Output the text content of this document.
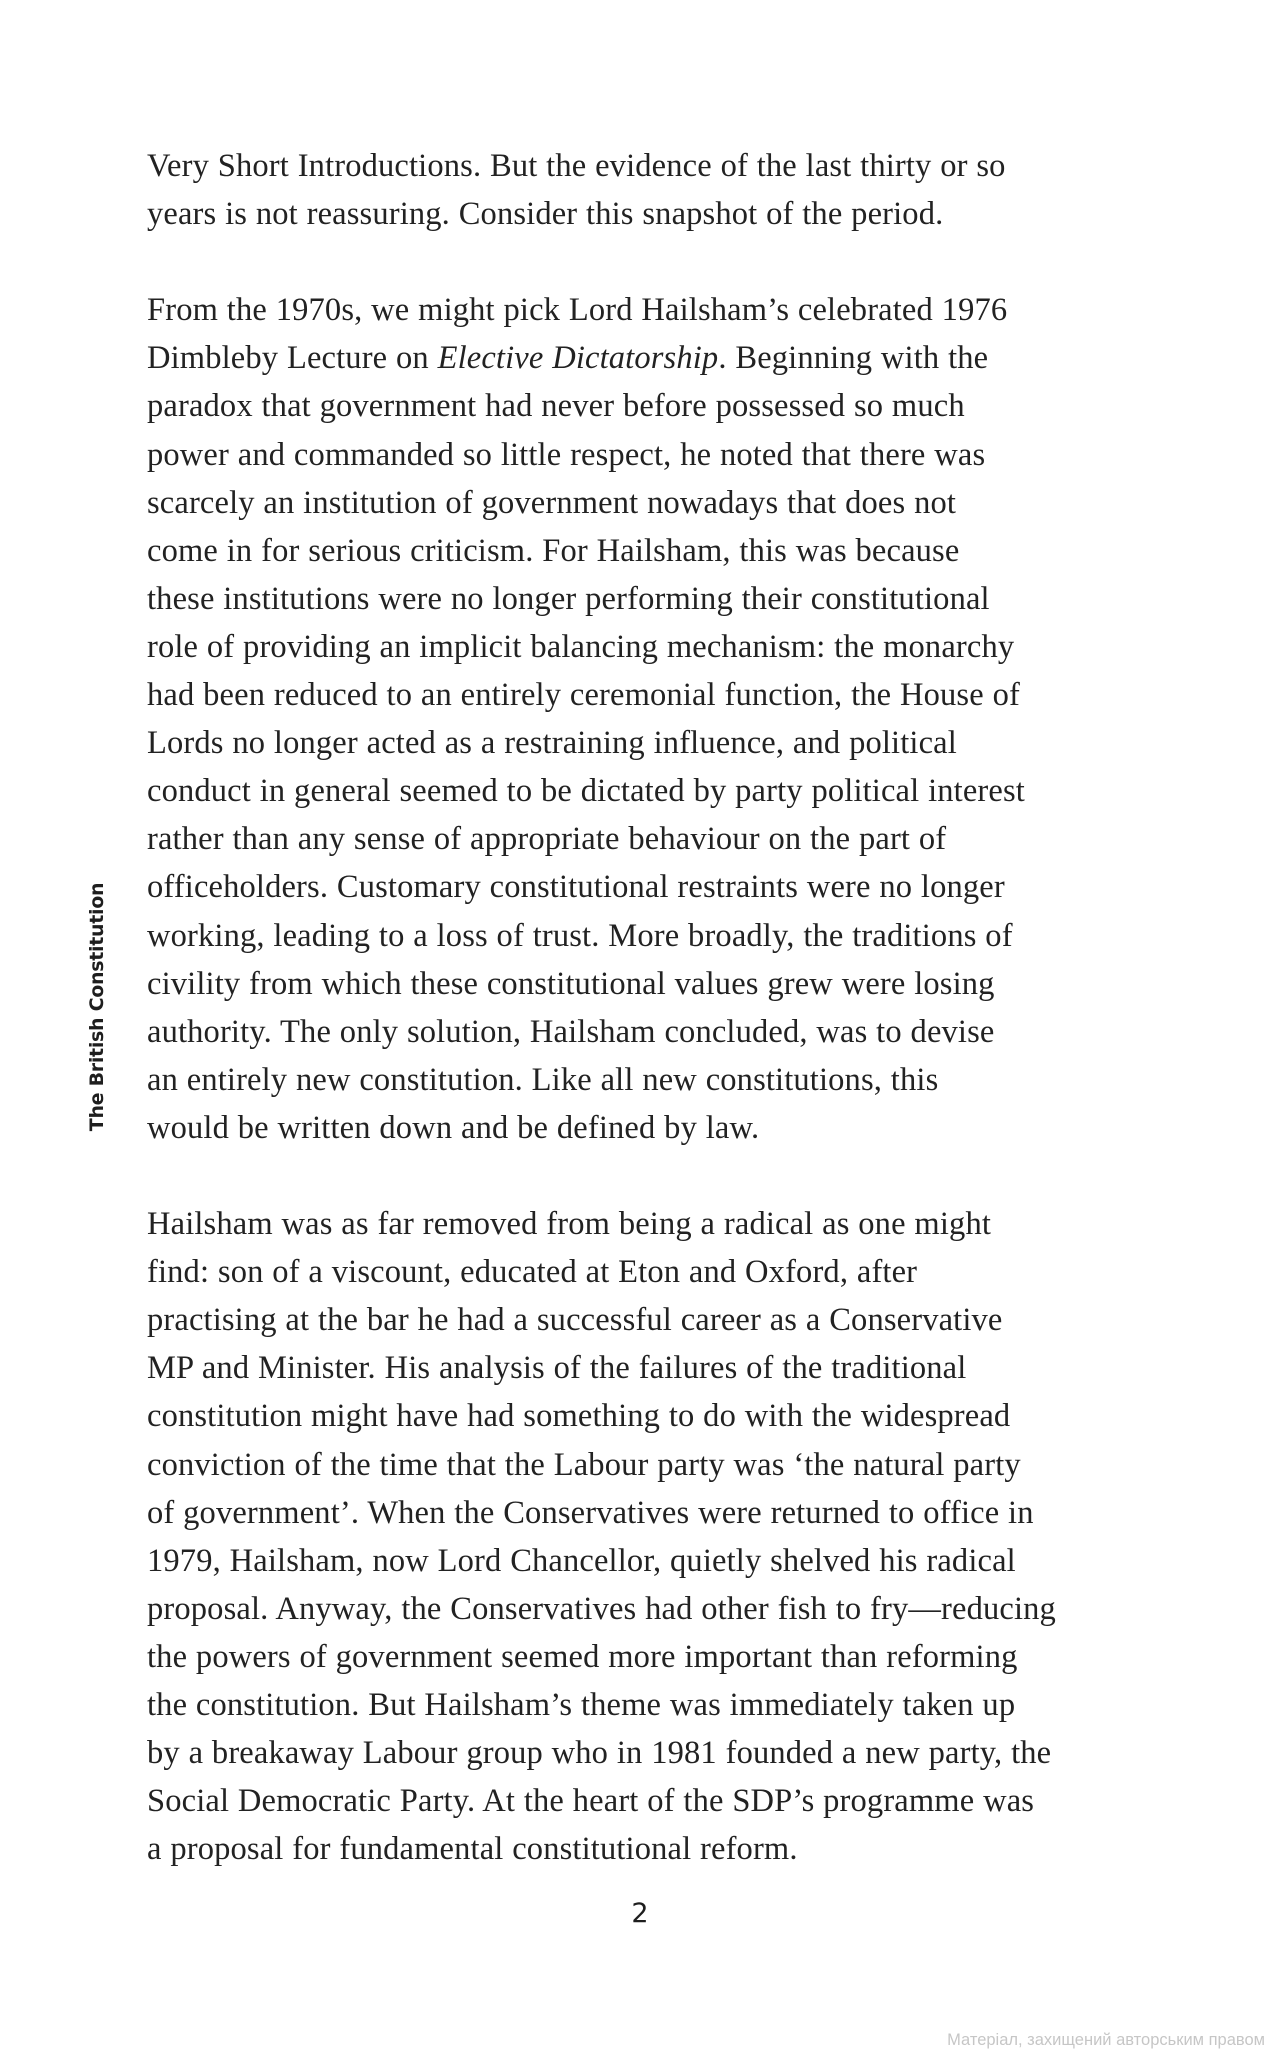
The British Constitution

Very Short Introductions. But the evidence of the last thirty or so
years is not reassuring. Consider this snapshot of the period.

From the 1970s, we might pick Lord Hailsham’s celebrated 1976
Dimbleby Lecture on Elective Dictatorship. Beginning with the
paradox that government had never before possessed so much
power and commanded so little respect, he noted that there was
scarcely an institution of government nowadays that does not
come in for serious criticism. For Hailsham, this was because
these institutions were no longer performing their constitutional
role of providing an implicit balancing mechanism: the monarchy
had been reduced to an entirely ceremonial function, the House of
Lords no longer acted as a restraining influence, and political
conduct in general seemed to be dictated by party political interest
rather than any sense of appropriate behaviour on the part of
officeholders. Customary constitutional restraints were no longer
working, leading to a loss of trust. More broadly, the traditions of
civility from which these constitutional values grew were losing
authority. The only solution, Hailsham concluded, was to devise
an entirely new constitution. Like all new constitutions, this
would be written down and be defined by law.

Hailsham was as far removed from being a radical as one might
find: son of a viscount, educated at Eton and Oxford, after
practising at the bar he had a successful career as a Conservative
MP and Minister. His analysis of the failures of the traditional
constitution might have had something to do with the widespread
conviction of the time that the Labour party was ‘the natural party
of government’. When the Conservatives were returned to office in
1979, Hailsham, now Lord Chancellor, quietly shelved his radical
proposal. Anyway, the Conservatives had other fish to fry—reducing
the powers of government seemed more important than reforming
the constitution. But Hailsham’s theme was immediately taken up
by a breakaway Labour group who in 1981 founded a new party, the
Social Democratic Party. At the heart of the SDP’s programme was
a proposal for fundamental constitutional reform.

2
Матеріал, захищений авторським правом
